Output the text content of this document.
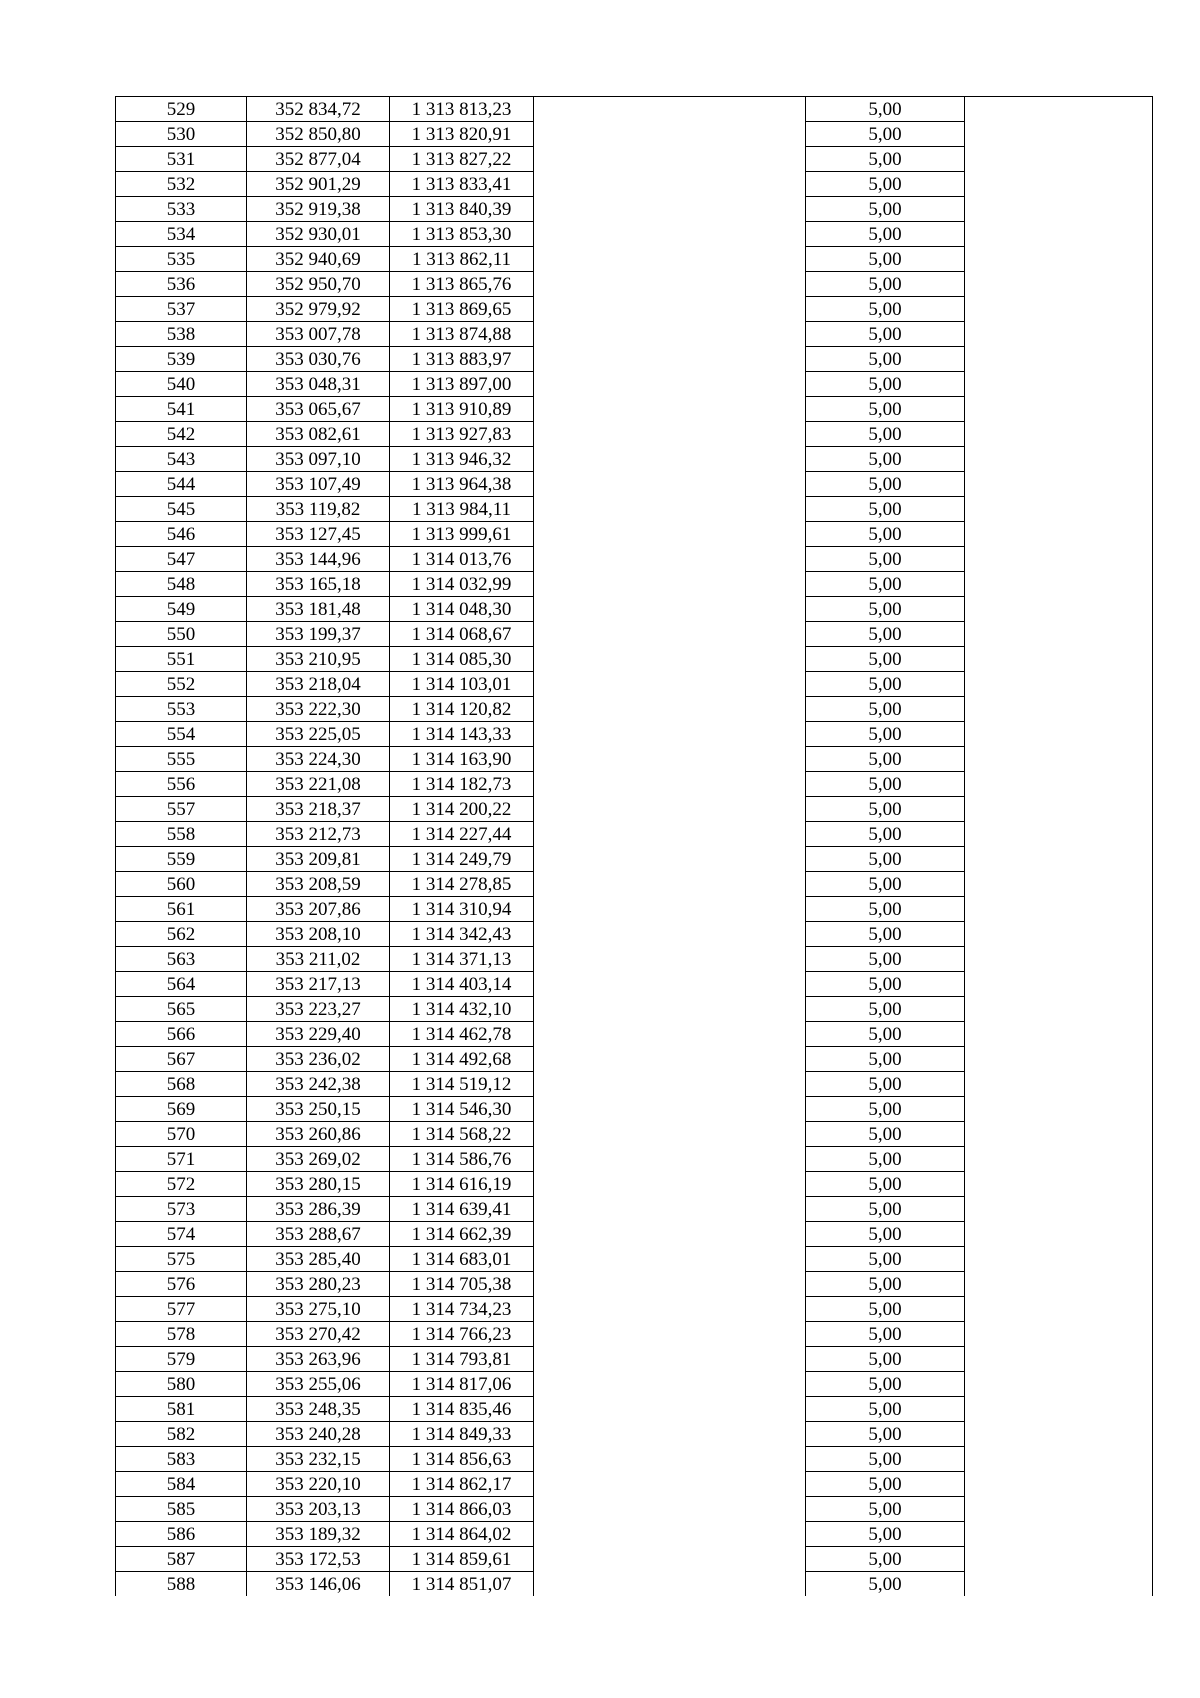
529	352 834,72	1 313 813,23		5,00	
530	352 850,80	1 313 820,91		5,00	
531	352 877,04	1 313 827,22		5,00	
532	352 901,29	1 313 833,41		5,00	
533	352 919,38	1 313 840,39		5,00	
534	352 930,01	1 313 853,30		5,00	
535	352 940,69	1 313 862,11		5,00	
536	352 950,70	1 313 865,76		5,00	
537	352 979,92	1 313 869,65		5,00	
538	353 007,78	1 313 874,88		5,00	
539	353 030,76	1 313 883,97		5,00	
540	353 048,31	1 313 897,00		5,00	
541	353 065,67	1 313 910,89		5,00	
542	353 082,61	1 313 927,83		5,00	
543	353 097,10	1 313 946,32		5,00	
544	353 107,49	1 313 964,38		5,00	
545	353 119,82	1 313 984,11		5,00	
546	353 127,45	1 313 999,61		5,00	
547	353 144,96	1 314 013,76		5,00	
548	353 165,18	1 314 032,99		5,00	
549	353 181,48	1 314 048,30		5,00	
550	353 199,37	1 314 068,67		5,00	
551	353 210,95	1 314 085,30		5,00	
552	353 218,04	1 314 103,01		5,00	
553	353 222,30	1 314 120,82		5,00	
554	353 225,05	1 314 143,33		5,00	
555	353 224,30	1 314 163,90		5,00	
556	353 221,08	1 314 182,73		5,00	
557	353 218,37	1 314 200,22		5,00	
558	353 212,73	1 314 227,44		5,00	
559	353 209,81	1 314 249,79		5,00	
560	353 208,59	1 314 278,85		5,00	
561	353 207,86	1 314 310,94		5,00	
562	353 208,10	1 314 342,43		5,00	
563	353 211,02	1 314 371,13		5,00	
564	353 217,13	1 314 403,14		5,00	
565	353 223,27	1 314 432,10		5,00	
566	353 229,40	1 314 462,78		5,00	
567	353 236,02	1 314 492,68		5,00	
568	353 242,38	1 314 519,12		5,00	
569	353 250,15	1 314 546,30		5,00	
570	353 260,86	1 314 568,22		5,00	
571	353 269,02	1 314 586,76		5,00	
572	353 280,15	1 314 616,19		5,00	
573	353 286,39	1 314 639,41		5,00	
574	353 288,67	1 314 662,39		5,00	
575	353 285,40	1 314 683,01		5,00	
576	353 280,23	1 314 705,38		5,00	
577	353 275,10	1 314 734,23		5,00	
578	353 270,42	1 314 766,23		5,00	
579	353 263,96	1 314 793,81		5,00	
580	353 255,06	1 314 817,06		5,00	
581	353 248,35	1 314 835,46		5,00	
582	353 240,28	1 314 849,33		5,00	
583	353 232,15	1 314 856,63		5,00	
584	353 220,10	1 314 862,17		5,00	
585	353 203,13	1 314 866,03		5,00	
586	353 189,32	1 314 864,02		5,00	
587	353 172,53	1 314 859,61		5,00	
588	353 146,06	1 314 851,07		5,00	
